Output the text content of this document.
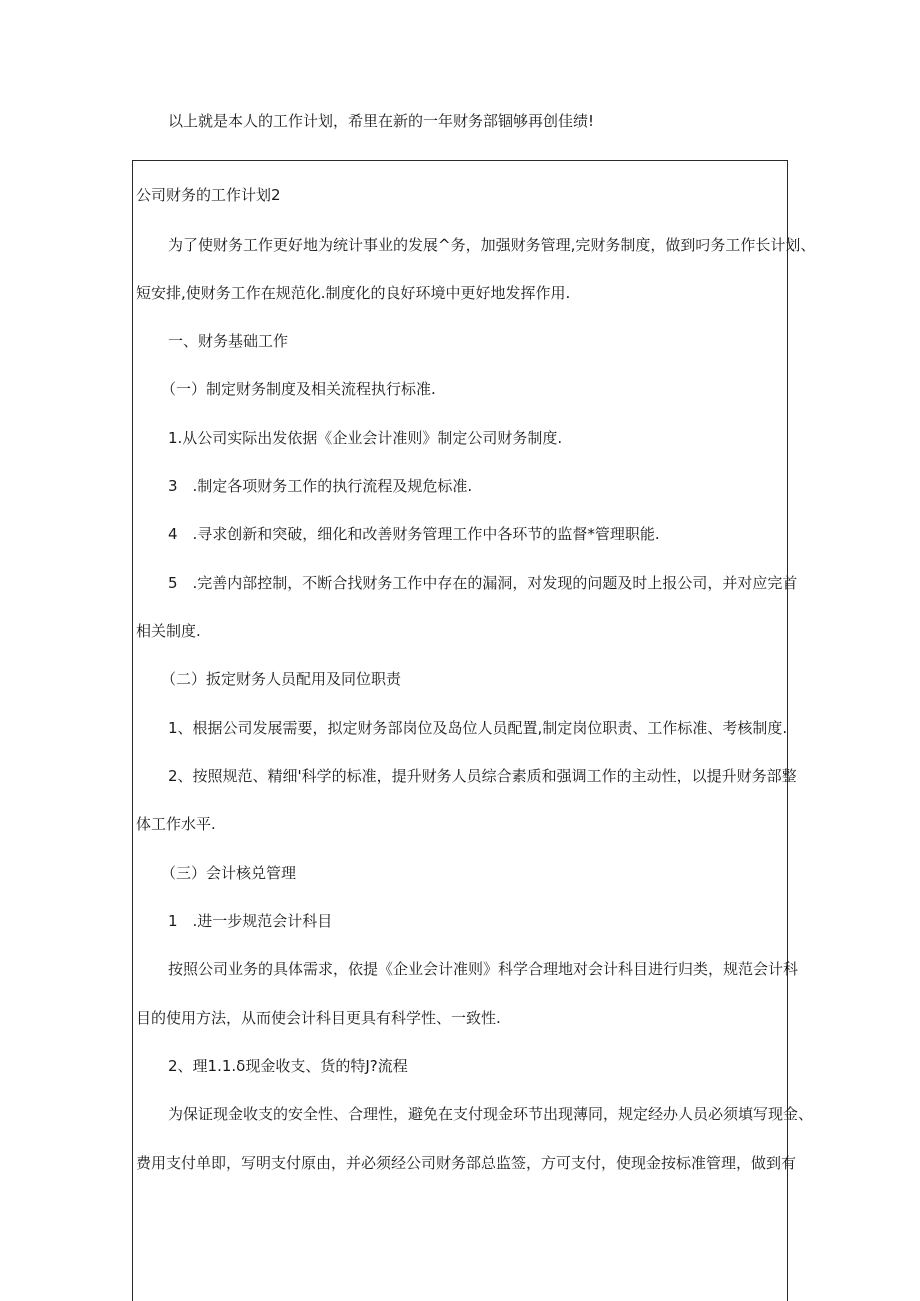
以上就是本人的工作计划，希里在新的一年财务部锢够再创佳绩!
公司财务的工作计划2
为了使财务工作更好地为统计事业的发展^务，加强财务管理,完财务制度，做到叼务工作长计划、
短安排,使财务工作在规范化.制度化的良好环境中更好地发挥作用.
一、财务基础工作
（一）制定财务制度及相关流程执行标准.
1.从公司实际出发依据《企业会计准则》制定公司财务制度.
3　.制定各项财务工作的执行流程及规危标准.
4　.寻求创新和突破，细化和改善财务管理工作中各环节的监督*管理职能.
5　.完善内部控制，不断合找财务工作中存在的漏洞，对发现的问题及时上报公司，并对应完首
相关制度.
（二）扳定财务人员配用及同位职责
1、根据公司发展需要，拟定财务部岗位及岛位人员配置,制定岗位职责、工作标准、考核制度.
2、按照规范、精细'科学的标准，提升财务人员综合素质和强调工作的主动性，以提升财务部整
体工作水平.
（三）会计核兑管理
1　.进一步规范会计科目
按照公司业务的具体需求，依提《企业会计准则》科学合理地对会计科目进行归类，规范会计科
目的使用方法，从而使会计科目更具有科学性、一致性.
2、理1.1.δ现金收支、货的特J?流程
为保证现金收支的安全性、合理性，避免在支付现金环节出现薄同，规定经办人员必须填写现金、
费用支付单即，写明支付原由，并必须经公司财务部总监签，方可支付，使现金按标准管理，做到有
